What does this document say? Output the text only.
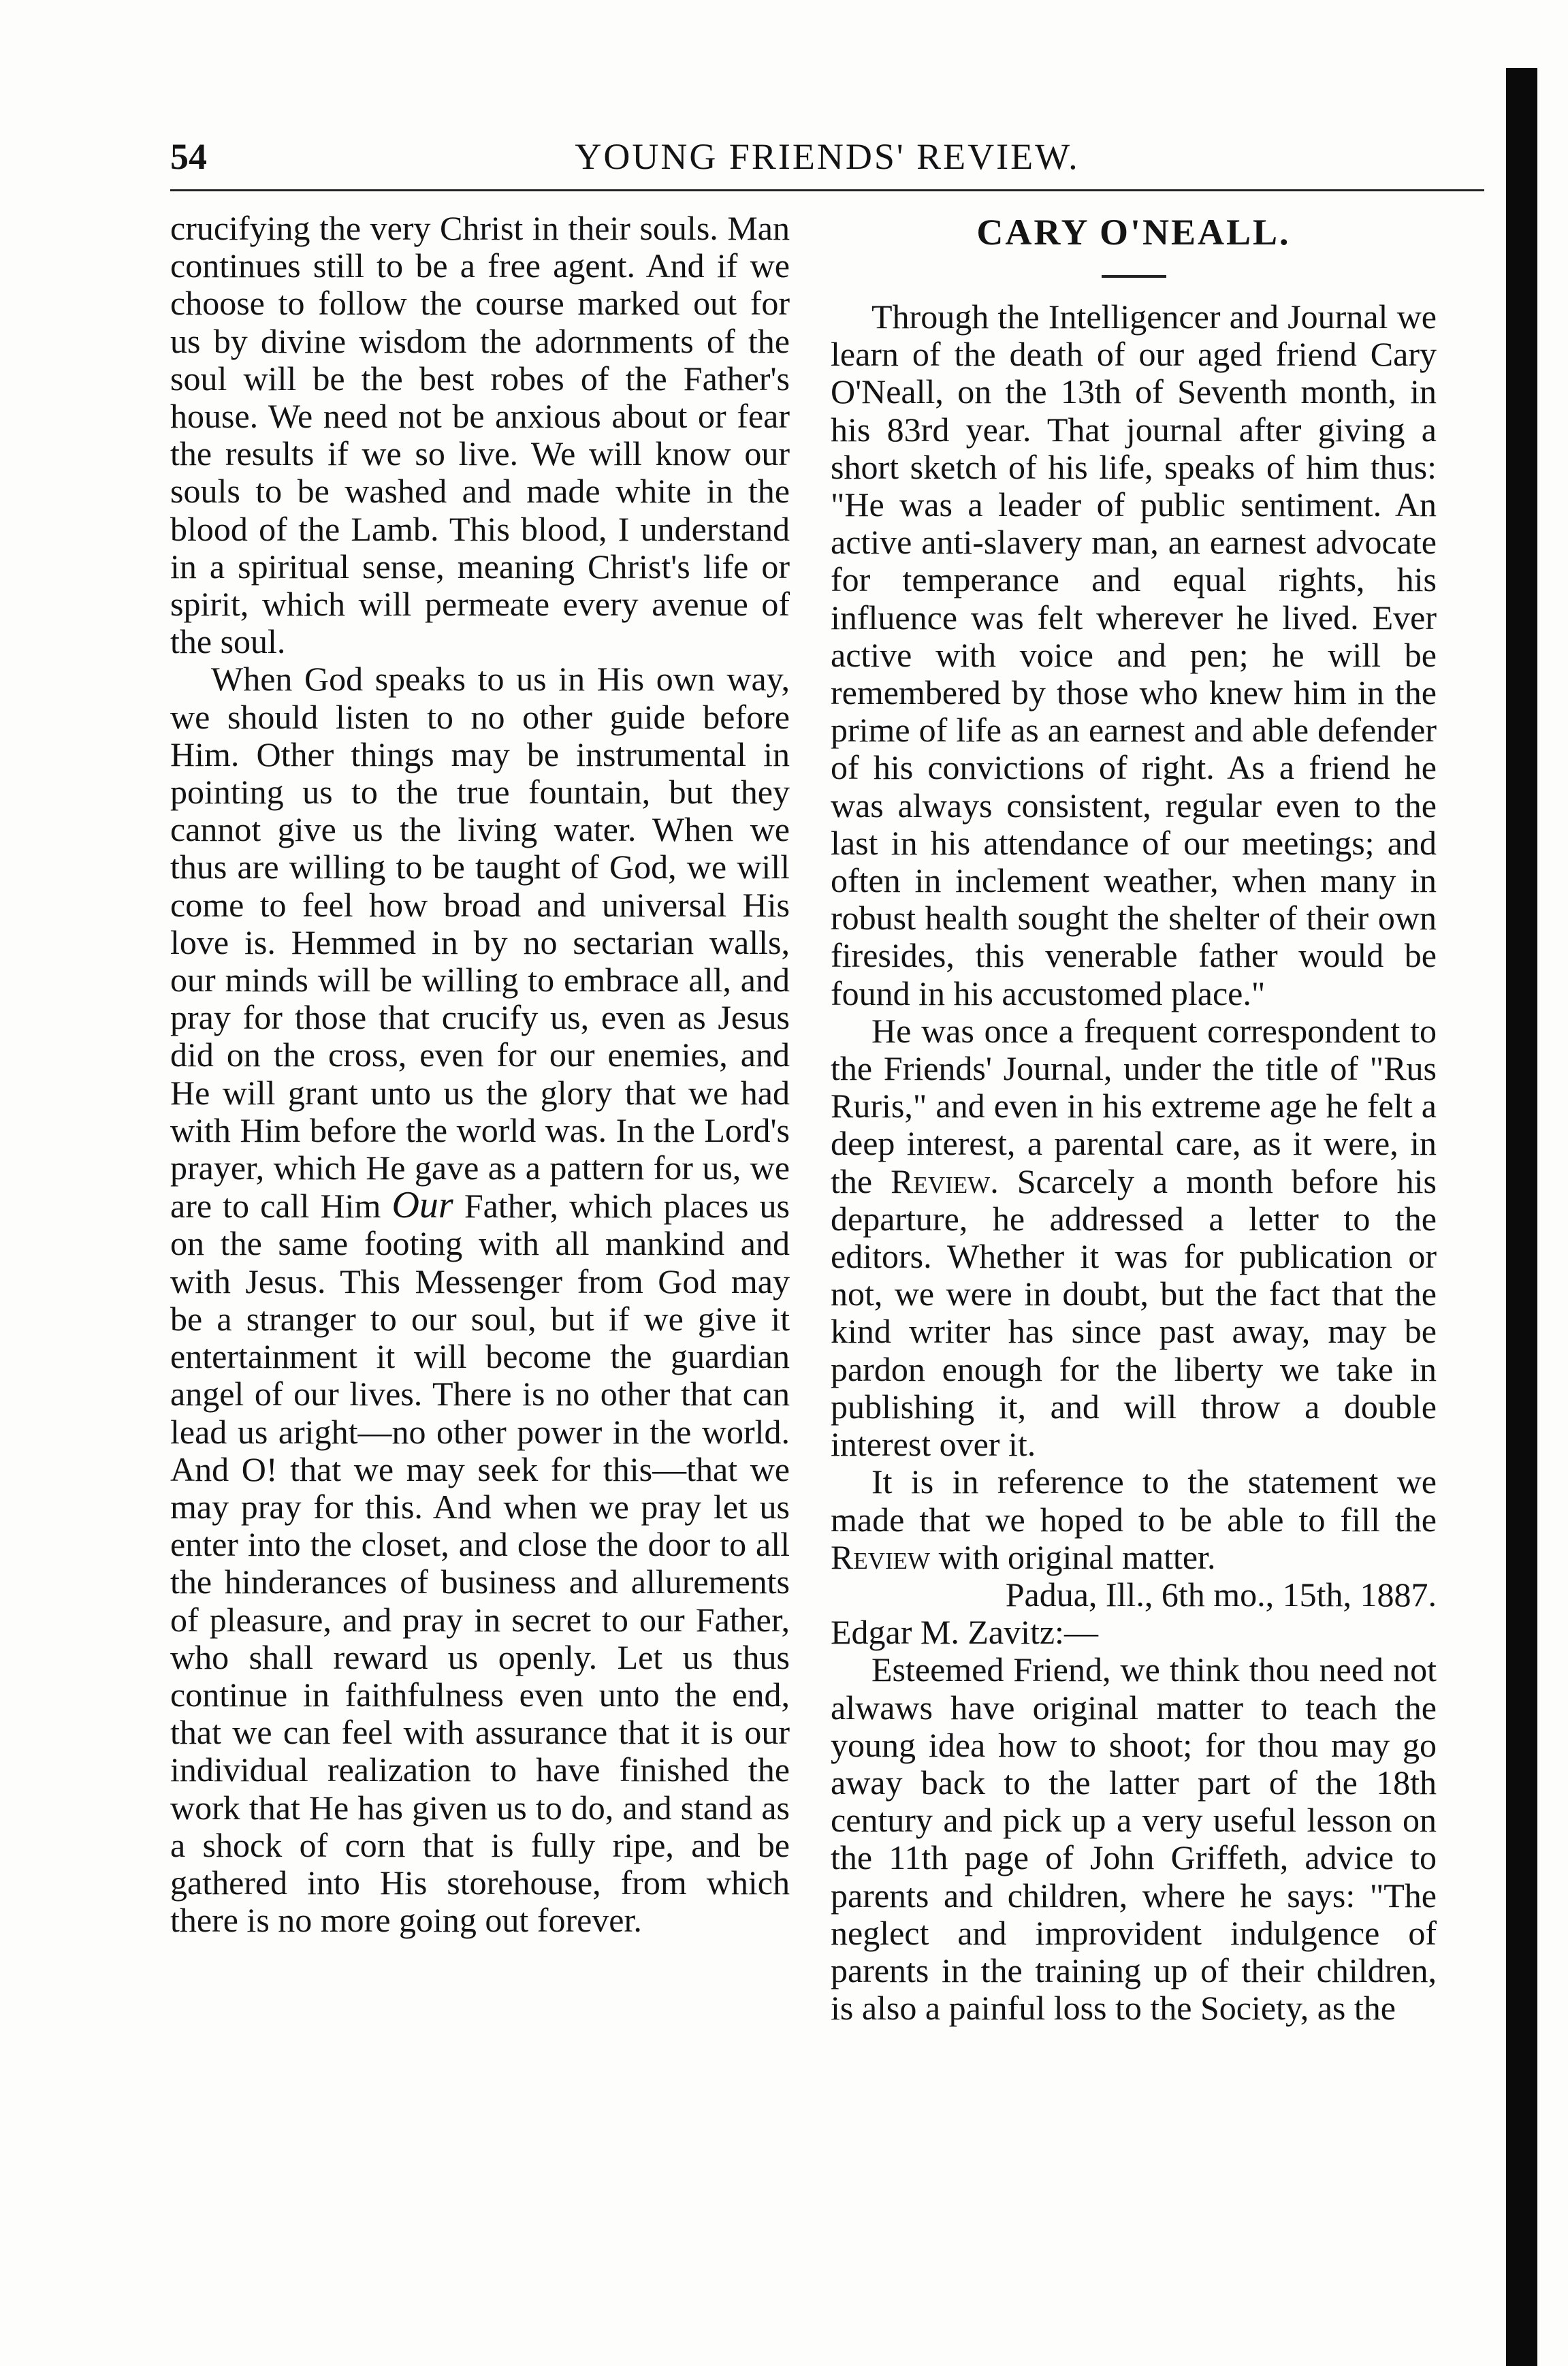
54	YOUNG FRIENDS' REVIEW.

crucifying the very Christ in their souls. Man continues still to be a free agent. And if we choose to follow the course marked out for us by divine wisdom the adornments of the soul will be the best robes of the Father's house. We need not be anxious about or fear the results if we so live. We will know our souls to be washed and made white in the blood of the Lamb. This blood, I understand in a spiritual sense, meaning Christ's life or spirit, which will permeate every avenue of the soul.

When God speaks to us in His own way, we should listen to no other guide before Him. Other things may be instrumental in pointing us to the true fountain, but they cannot give us the living water. When we thus are willing to be taught of God, we will come to feel how broad and universal His love is. Hemmed in by no sectarian walls, our minds will be willing to embrace all, and pray for those that crucify us, even as Jesus did on the cross, even for our enemies, and He will grant unto us the glory that we had with Him before the world was. In the Lord's prayer, which He gave as a pattern for us, we are to call Him Our Father, which places us on the same footing with all mankind and with Jesus. This Messenger from God may be a stranger to our soul, but if we give it entertainment it will become the guardian angel of our lives. There is no other that can lead us aright—no other power in the world. And O! that we may seek for this—that we may pray for this. And when we pray let us enter into the closet, and close the door to all the hinderances of business and allurements of pleasure, and pray in secret to our Father, who shall reward us openly. Let us thus continue in faithfulness even unto the end, that we can feel with assurance that it is our individual realization to have finished the work that He has given us to do, and stand as a shock of corn that is fully ripe, and be gathered into His storehouse, from which there is no more going out forever.

CARY O'NEALL.

Through the Intelligencer and Journal we learn of the death of our aged friend Cary O'Neall, on the 13th of Seventh month, in his 83rd year. That journal after giving a short sketch of his life, speaks of him thus: "He was a leader of public sentiment. An active anti-slavery man, an earnest advocate for temperance and equal rights, his influence was felt wherever he lived. Ever active with voice and pen; he will be remembered by those who knew him in the prime of life as an earnest and able defender of his convictions of right. As a friend he was always consistent, regular even to the last in his attendance of our meetings; and often in inclement weather, when many in robust health sought the shelter of their own firesides, this venerable father would be found in his accustomed place."

He was once a frequent correspondent to the Friends' Journal, under the title of "Rus Ruris," and even in his extreme age he felt a deep interest, a parental care, as it were, in the Review. Scarcely a month before his departure, he addressed a letter to the editors. Whether it was for publication or not, we were in doubt, but the fact that the kind writer has since past away, may be pardon enough for the liberty we take in publishing it, and will throw a double interest over it.

It is in reference to the statement we made that we hoped to be able to fill the Review with original matter.

Padua, Ill., 6th mo., 15th, 1887.

Edgar M. Zavitz:—

Esteemed Friend, we think thou need not alwaws have original matter to teach the young idea how to shoot; for thou may go away back to the latter part of the 18th century and pick up a very useful lesson on the 11th page of John Griffeth, advice to parents and children, where he says: "The neglect and improvident indulgence of parents in the training up of their children, is also a painful loss to the Society, as the
